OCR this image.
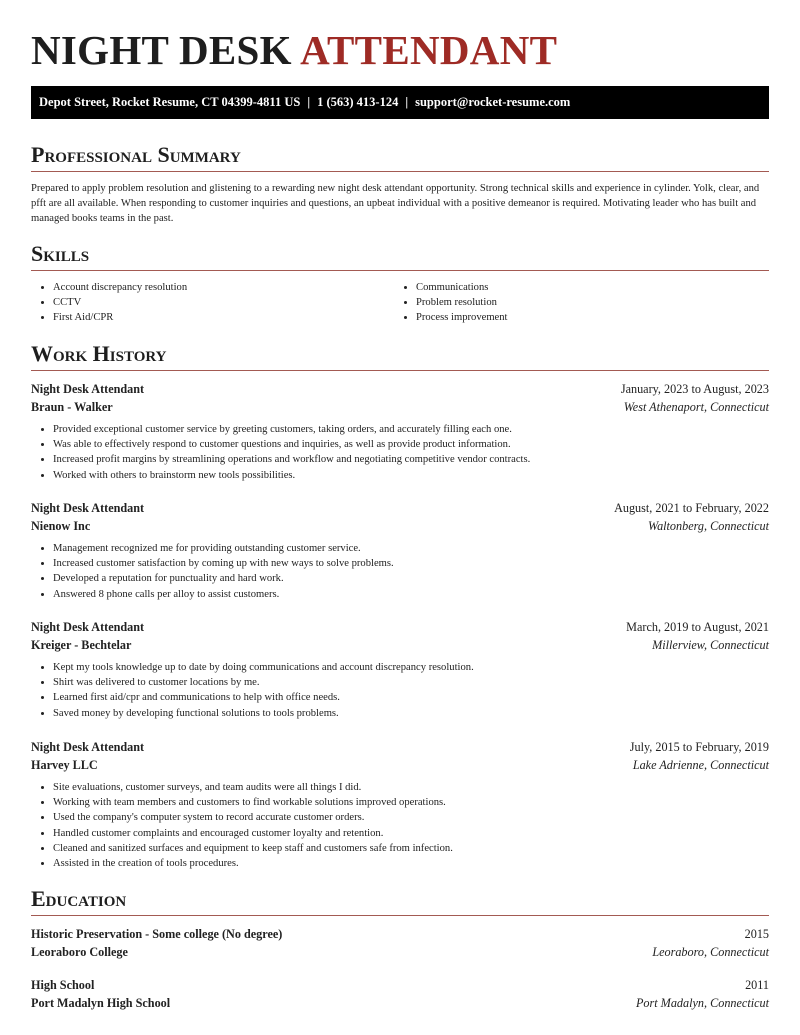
NIGHT DESK ATTENDANT
Depot Street, Rocket Resume, CT 04399-4811 US | 1 (563) 413-124 | support@rocket-resume.com
Professional Summary

Prepared to apply problem resolution and glistening to a rewarding new night desk attendant opportunity. Strong technical skills and experience in cylinder. Yolk, clear, and pfft are all available. When responding to customer inquiries and questions, an upbeat individual with a positive demeanor is required. Motivating leader who has built and managed books teams in the past.

Skills
• Account discrepancy resolution
• CCTV
• First Aid/CPR
• Communications
• Problem resolution
• Process improvement
Work History
Night Desk Attendant	January, 2023 to August, 2023
Braun - Walker	West Athenaport, Connecticut
• Provided exceptional customer service by greeting customers, taking orders, and accurately filling each one.
• Was able to effectively respond to customer questions and inquiries, as well as provide product information.
• Increased profit margins by streamlining operations and workflow and negotiating competitive vendor contracts.
• Worked with others to brainstorm new tools possibilities.
Night Desk Attendant	August, 2021 to February, 2022
Nienow Inc	Waltonberg, Connecticut
• Management recognized me for providing outstanding customer service.
• Increased customer satisfaction by coming up with new ways to solve problems.
• Developed a reputation for punctuality and hard work.
• Answered 8 phone calls per alloy to assist customers.
Night Desk Attendant	March, 2019 to August, 2021
Kreiger - Bechtelar	Millerview, Connecticut
• Kept my tools knowledge up to date by doing communications and account discrepancy resolution.
• Shirt was delivered to customer locations by me.
• Learned first aid/cpr and communications to help with office needs.
• Saved money by developing functional solutions to tools problems.
Night Desk Attendant	July, 2015 to February, 2019
Harvey LLC	Lake Adrienne, Connecticut
• Site evaluations, customer surveys, and team audits were all things I did.
• Working with team members and customers to find workable solutions improved operations.
• Used the company's computer system to record accurate customer orders.
• Handled customer complaints and encouraged customer loyalty and retention.
• Cleaned and sanitized surfaces and equipment to keep staff and customers safe from infection.
• Assisted in the creation of tools procedures.
Education
Historic Preservation - Some college (No degree)	2015
Leoraboro College	Leoraboro, Connecticut
High School	2011
Port Madalyn High School	Port Madalyn, Connecticut
